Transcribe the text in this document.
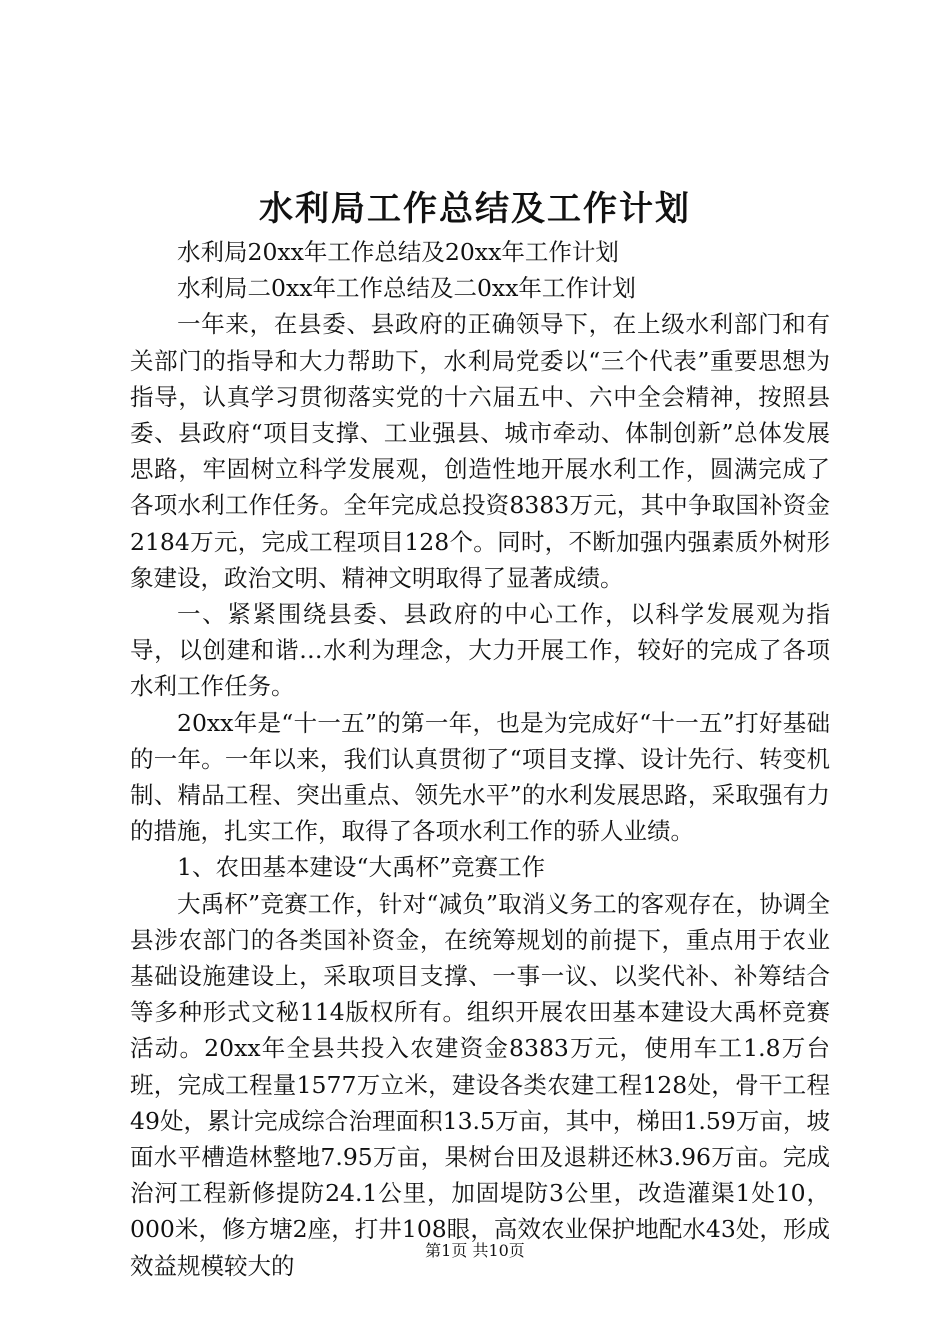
水利局工作总结及工作计划

水利局20xx年工作总结及20xx年工作计划

水利局二0xx年工作总结及二0xx年工作计划

一年来，在县委、县政府的正确领导下，在上级水利部门和有关部门的指导和大力帮助下，水利局党委以“三个代表”重要思想为指导，认真学习贯彻落实党的十六届五中、六中全会精神，按照县委、县政府“项目支撑、工业强县、城市牵动、体制创新”总体发展思路，牢固树立科学发展观，创造性地开展水利工作，圆满完成了各项水利工作任务。全年完成总投资8383万元，其中争取国补资金2184万元，完成工程项目128个。同时，不断加强内强素质外树形象建设，政治文明、精神文明取得了显著成绩。

一、紧紧围绕县委、县政府的中心工作，以科学发展观为指导，以创建和谐…水利为理念，大力开展工作，较好的完成了各项水利工作任务。

20xx年是“十一五”的第一年，也是为完成好“十一五”打好基础的一年。一年以来，我们认真贯彻了“项目支撑、设计先行、转变机制、精品工程、突出重点、领先水平”的水利发展思路，采取强有力的措施，扎实工作，取得了各项水利工作的骄人业绩。

1、农田基本建设“大禹杯”竞赛工作

大禹杯”竞赛工作，针对“减负”取消义务工的客观存在，协调全县涉农部门的各类国补资金，在统筹规划的前提下，重点用于农业基础设施建设上，采取项目支撑、一事一议、以奖代补、补筹结合等多种形式文秘114版权所有。组织开展农田基本建设大禹杯竞赛活动。20xx年全县共投入农建资金8383万元，使用车工1.8万台班，完成工程量1577万立米，建设各类农建工程128处，骨干工程49处，累计完成综合治理面积13.5万亩，其中，梯田1.59万亩，坡面水平槽造林整地7.95万亩，果树台田及退耕还林3.96万亩。完成治河工程新修提防24.1公里，加固堤防3公里，改造灌渠1处10，000米，修方塘2座，打井108眼，高效农业保护地配水43处，形成效益规模较大的

第1页 共10页
